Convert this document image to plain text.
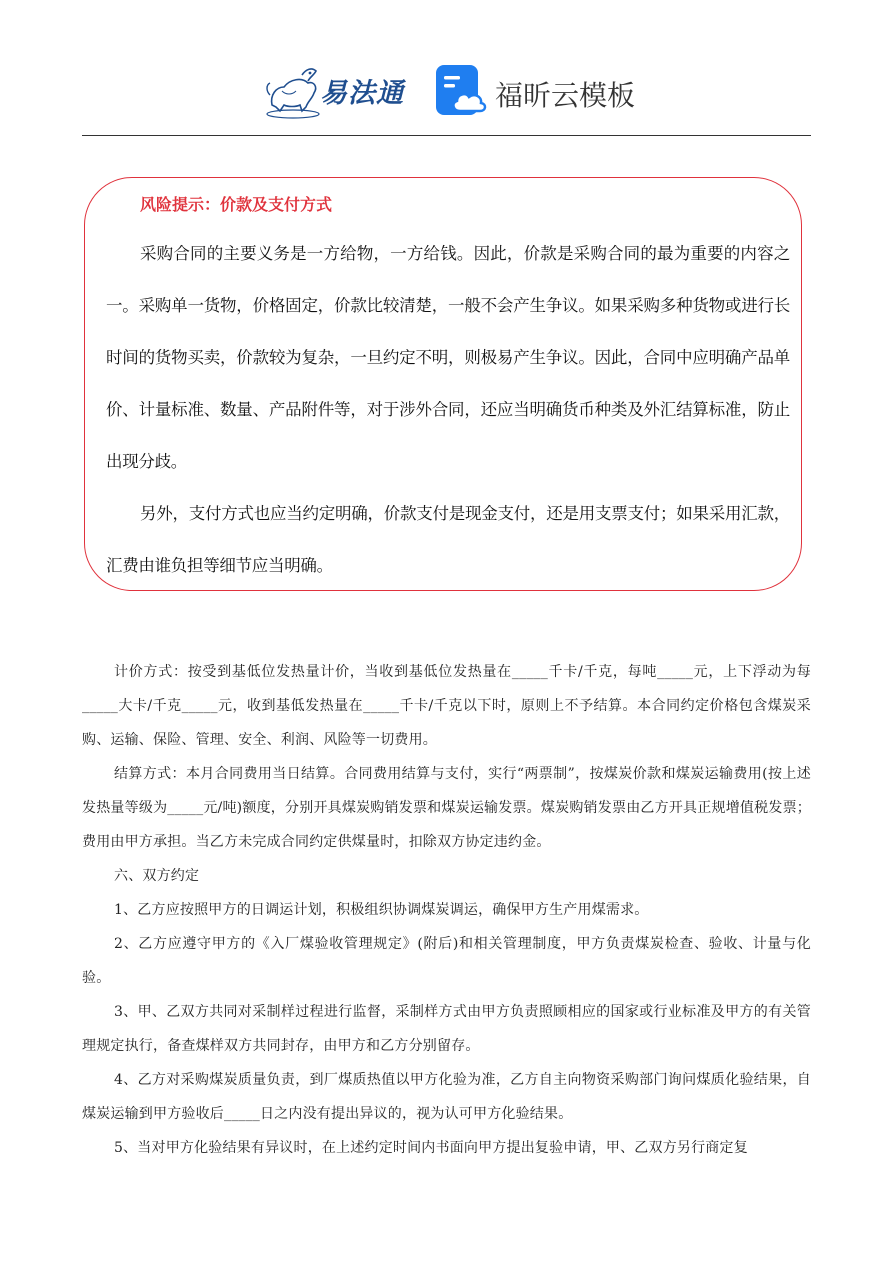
易法通	福昕云模板
风险提示：价款及支付方式

采购合同的主要义务是一方给物，一方给钱。因此，价款是采购合同的最为重要的内容之一。采购单一货物，价格固定，价款比较清楚，一般不会产生争议。如果采购多种货物或进行长时间的货物买卖，价款较为复杂，一旦约定不明，则极易产生争议。因此，合同中应明确产品单价、计量标准、数量、产品附件等，对于涉外合同，还应当明确货币种类及外汇结算标准，防止出现分歧。

另外，支付方式也应当约定明确，价款支付是现金支付，还是用支票支付；如果采用汇款，汇费由谁负担等细节应当明确。

计价方式：按受到基低位发热量计价，当收到基低位发热量在_____千卡/千克，每吨_____元，上下浮动为每_____大卡/千克_____元，收到基低发热量在_____千卡/千克以下时，原则上不予结算。本合同约定价格包含煤炭采购、运输、保险、管理、安全、利润、风险等一切费用。

结算方式：本月合同费用当日结算。合同费用结算与支付，实行“两票制”，按煤炭价款和煤炭运输费用(按上述发热量等级为_____元/吨)额度，分别开具煤炭购销发票和煤炭运输发票。煤炭购销发票由乙方开具正规增值税发票；费用由甲方承担。当乙方未完成合同约定供煤量时，扣除双方协定违约金。

六、双方约定

1、乙方应按照甲方的日调运计划，积极组织协调煤炭调运，确保甲方生产用煤需求。

2、乙方应遵守甲方的《入厂煤验收管理规定》(附后)和相关管理制度，甲方负责煤炭检查、验收、计量与化验。

3、甲、乙双方共同对采制样过程进行监督，采制样方式由甲方负责照顾相应的国家或行业标准及甲方的有关管理规定执行，备查煤样双方共同封存，由甲方和乙方分别留存。

4、乙方对采购煤炭质量负责，到厂煤质热值以甲方化验为准，乙方自主向物资采购部门询问煤质化验结果，自煤炭运输到甲方验收后_____日之内没有提出异议的，视为认可甲方化验结果。

5、当对甲方化验结果有异议时，在上述约定时间内书面向甲方提出复验申请，甲、乙双方另行商定复
